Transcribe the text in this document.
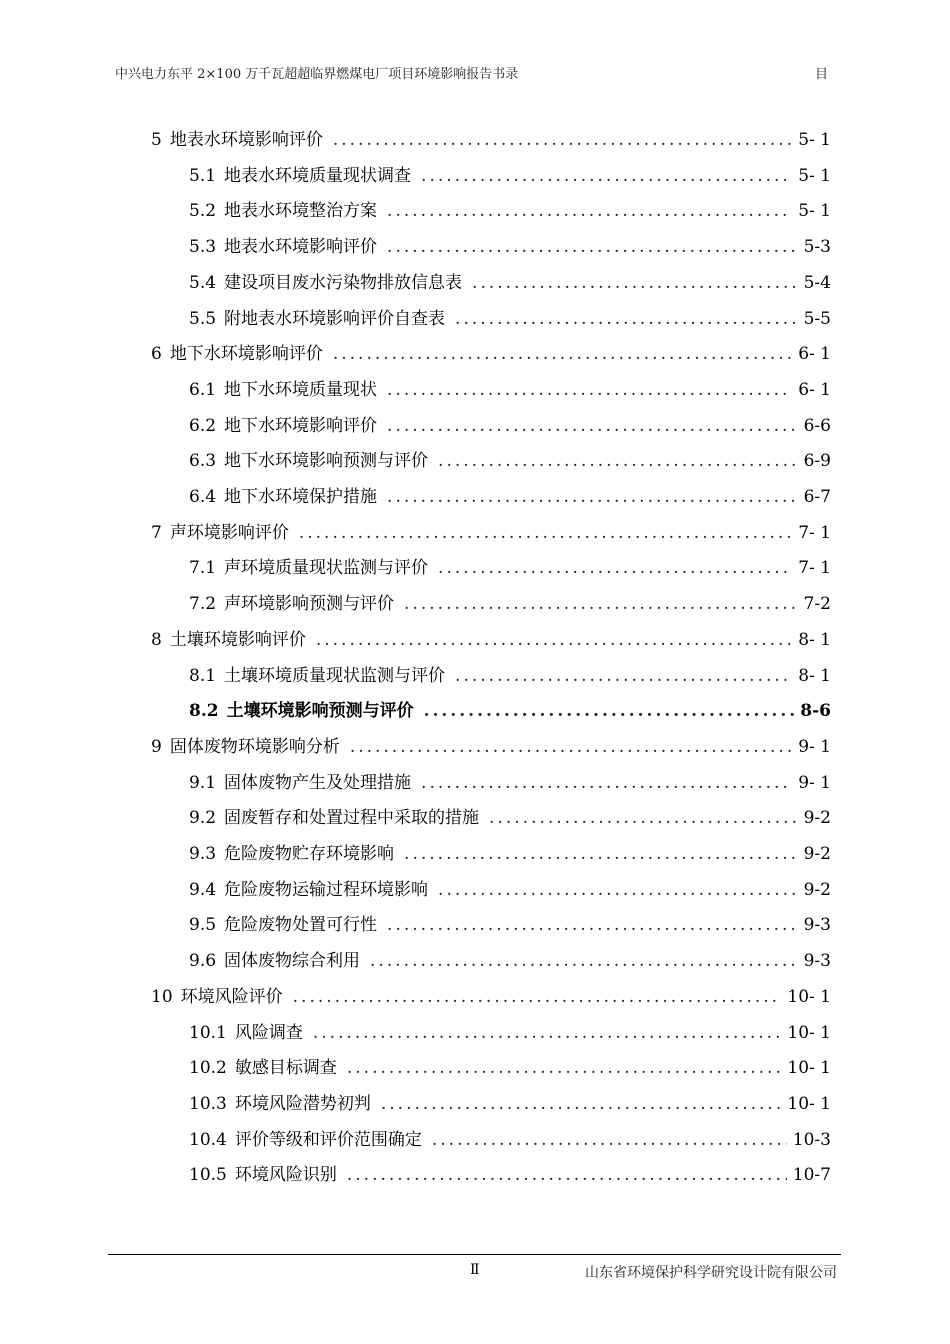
中兴电力东平 2×100 万千瓦超超临界燃煤电厂项目环境影响报告书录	目
5 地表水环境影响评价 .....	5- 1
5.1 地表水环境质量现状调查 .....	5- 1
5.2 地表水环境整治方案 .....	5- 1
5.3 地表水环境影响评价 .....	5-3
5.4 建设项目废水污染物排放信息表 .....	5-4
5.5 附地表水环境影响评价自查表 .....	5-5
6 地下水环境影响评价 .....	6- 1
6.1 地下水环境质量现状 .....	6- 1
6.2 地下水环境影响评价 .....	6-6
6.3 地下水环境影响预测与评价 .....	6-9
6.4 地下水环境保护措施 .....	6-7
7 声环境影响评价 .....	7- 1
7.1 声环境质量现状监测与评价 .....	7- 1
7.2 声环境影响预测与评价 .....	7-2
8 土壤环境影响评价 .....	8- 1
8.1 土壤环境质量现状监测与评价 .....	8- 1
8.2 土壤环境影响预测与评价 .....	8-6
9 固体废物环境影响分析 .....	9- 1
9.1 固体废物产生及处理措施 .....	9- 1
9.2 固废暂存和处置过程中采取的措施 .....	9-2
9.3 危险废物贮存环境影响 .....	9-2
9.4 危险废物运输过程环境影响 .....	9-2
9.5 危险废物处置可行性 .....	9-3
9.6 固体废物综合利用 .....	9-3
10 环境风险评价 .....	10- 1
10.1 风险调查 .....	10- 1
10.2 敏感目标调查 .....	10- 1
10.3 环境风险潜势初判 .....	10- 1
10.4 评价等级和评价范围确定 .....	10-3
10.5 环境风险识别 .....	10-7
Ⅱ	山东省环境保护科学研究设计院有限公司
